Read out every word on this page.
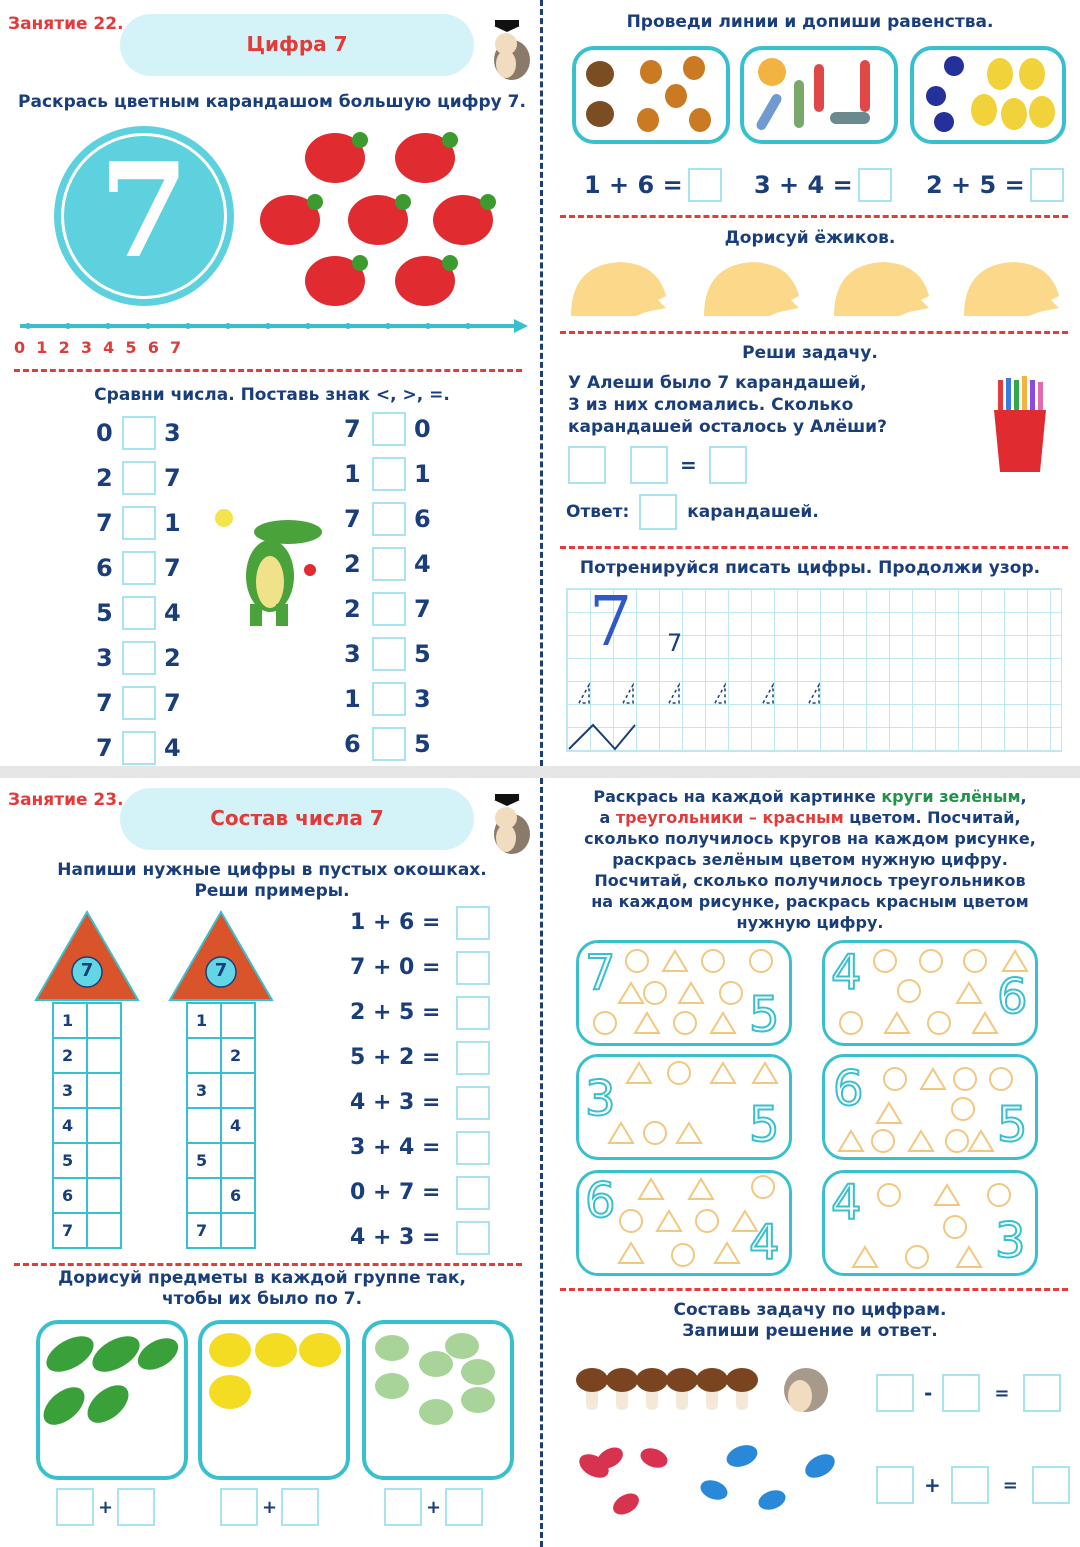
Занятие 22.
Цифра 7
Раскрась цветным карандашом большую цифру 7.
7
0 1 2 3 4 5 6 7
Сравни числа. Поставь знак <, >, =.
0	3
2	7
7	1
6	7
5	4
3	2
7	7
7	4
7	0
1	1
7	6
2	4
2	7
3	5
1	3
6	5
Проведи линии и допиши равенства.
1 + 6 =
	3 + 4 =
	2 + 5 =

Дорисуй ёжиков.
Реши задачу.
У Алеши было 7 карандашей,
3 из них сломались. Сколько
карандашей осталось у Алёши?
=
Ответ:	карандашей.
Потренируйся писать цифры. Продолжи узор.
7 7
Занятие 23.
Состав числа 7
Напиши нужные цифры в пустых окошках.
Реши примеры.
7
1	
2	
3	
4	
5	
6	
7	
7
1	
	2
3	
	4
5	
	6
7	
1 + 6 =
7 + 0 =
2 + 5 =
5 + 2 =
4 + 3 =
3 + 4 =
0 + 7 =
4 + 3 =
Дорисуй предметы в каждой группе так,
чтобы их было по 7.
+	+	+
Раскрась на каждой картинке круги зелёным,
а треугольники – красным цветом. Посчитай,
сколько получилось кругов на каждом рисунке,
раскрась зелёным цветом нужную цифру.
Посчитай, сколько получилось треугольников
на каждом рисунке, раскрась красным цветом
нужную цифру.
7
5
4	6
3	5
6
5
6
4
4
3
Составь задачу по цифрам.
Запиши решение и ответ.
-	=
+	=
